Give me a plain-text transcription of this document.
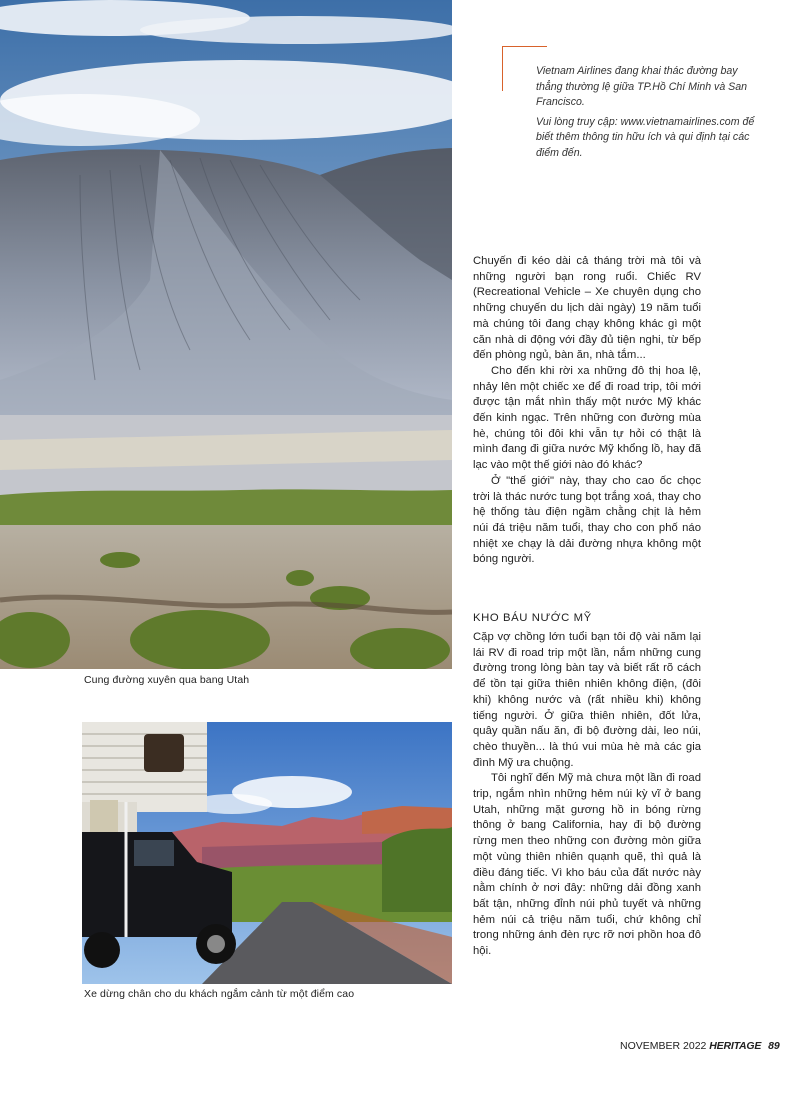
Cung đường xuyên qua bang Utah
Xe dừng chân cho du khách ngắm cảnh từ một điểm cao

Vietnam Airlines đang khai thác đường bay thẳng thường lệ giữa TP.Hồ Chí Minh và San Francisco.

Vui lòng truy cập: www.vietnamairlines.com để biết thêm thông tin hữu ích và qui định tại các điểm đến.

Chuyến đi kéo dài cả tháng trời mà tôi và những người bạn rong ruổi. Chiếc RV (Recreational Vehicle – Xe chuyên dụng cho những chuyến du lịch dài ngày) 19 năm tuổi mà chúng tôi đang chạy không khác gì một căn nhà di động với đầy đủ tiện nghi, từ bếp đến phòng ngủ, bàn ăn, nhà tắm...

Cho đến khi rời xa những đô thị hoa lệ, nhảy lên một chiếc xe để đi road trip, tôi mới được tận mắt nhìn thấy một nước Mỹ khác đến kinh ngạc. Trên những con đường mùa hè, chúng tôi đôi khi vẫn tự hỏi có thật là mình đang đi giữa nước Mỹ khổng lồ, hay đã lạc vào một thế giới nào đó khác?

Ở "thế giới" này, thay cho cao ốc chọc trời là thác nước tung bọt trắng xoá, thay cho hệ thống tàu điện ngầm chằng chịt là hẻm núi đá triệu năm tuổi, thay cho con phố náo nhiệt xe chạy là dải đường nhựa không một bóng người.

KHO BÁU NƯỚC MỸ

Cặp vợ chồng lớn tuổi bạn tôi độ vài năm lại lái RV đi road trip một lần, nắm những cung đường trong lòng bàn tay và biết rất rõ cách để tồn tại giữa thiên nhiên không điện, (đôi khi) không nước và (rất nhiều khi) không tiếng người. Ở giữa thiên nhiên, đốt lửa, quây quần nấu ăn, đi bộ đường dài, leo núi, chèo thuyền... là thú vui mùa hè mà các gia đình Mỹ ưa chuộng.

Tôi nghĩ đến Mỹ mà chưa một lần đi road trip, ngắm nhìn những hẻm núi kỳ vĩ ở bang Utah, những mặt gương hồ in bóng rừng thông ở bang California, hay đi bộ đường rừng men theo những con đường mòn giữa một vùng thiên nhiên quạnh quẽ, thì quả là điều đáng tiếc. Vì kho báu của đất nước này nằm chính ở nơi đây: những dải đồng xanh bất tận, những đỉnh núi phủ tuyết và những hẻm núi cả triệu năm tuổi, chứ không chỉ trong những ánh đèn rực rỡ nơi phồn hoa đô hội.

NOVEMBER 2022 HERITAGE 89
